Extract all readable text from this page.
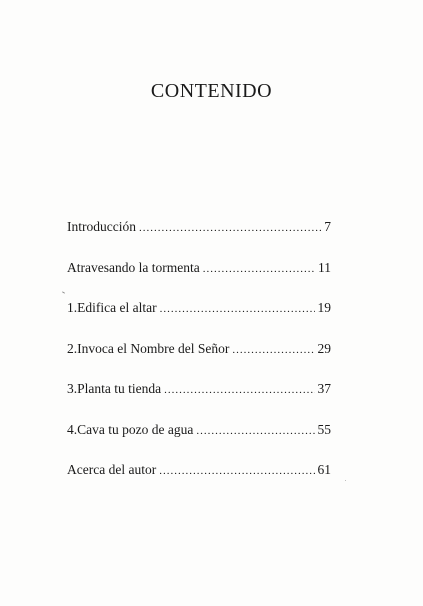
CONTENIDO
Introducción .....	7
Atravesando la tormenta .....	11
1. Edifica el altar .....	19
2. Invoca el Nombre del Señor .....	29
3. Planta tu tienda .....	37
4. Cava tu pozo de agua .....	55
Acerca del autor .....	61
